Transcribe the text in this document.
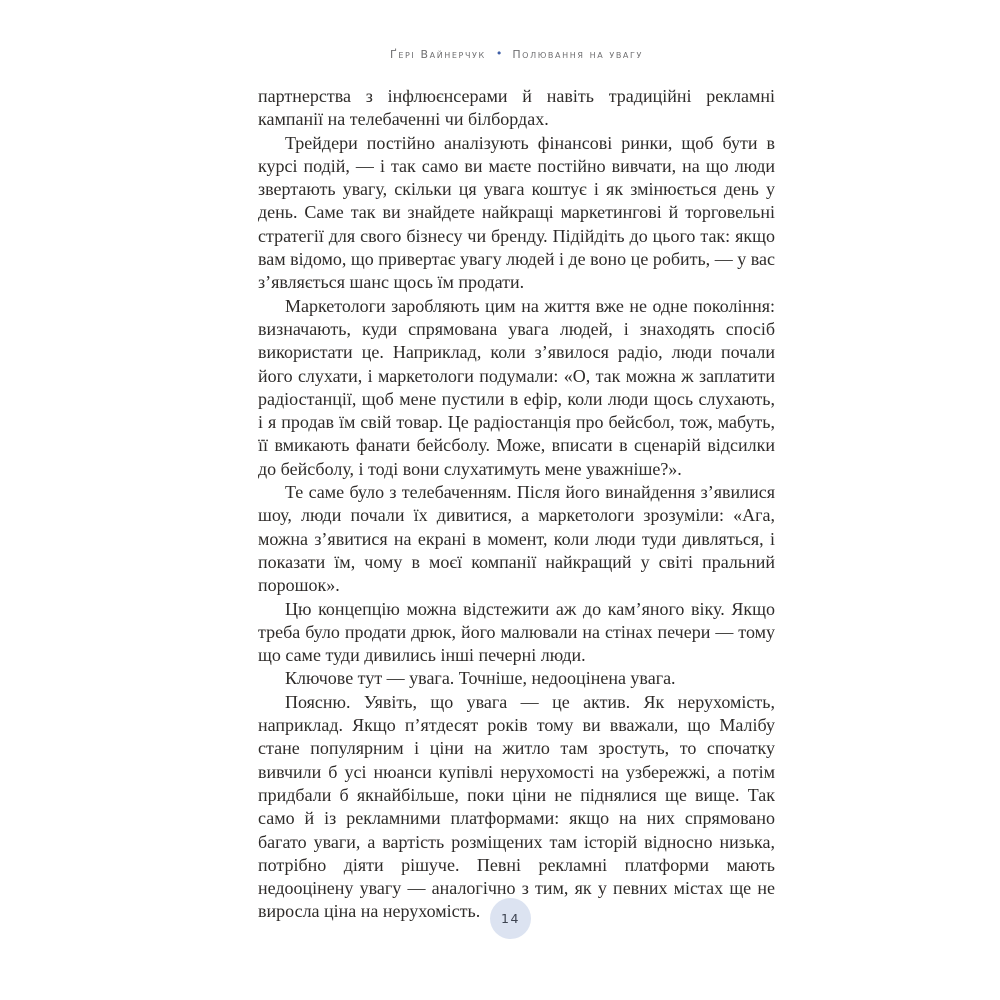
Ґері Вайнерчук • Полювання на увагу

партнерства з інфлюєнсерами й навіть традиційні рекламні кампанії на телебаченні чи білбордах.

Трейдери постійно аналізують фінансові ринки, щоб бути в курсі подій, — і так само ви маєте постійно вивчати, на що люди звертають увагу, скільки ця увага коштує і як змінюється день у день. Саме так ви знайдете найкращі маркетингові й торговельні стратегії для свого бізнесу чи бренду. Підійдіть до цього так: якщо вам відомо, що привертає увагу людей і де воно це робить, — у вас з’являється шанс щось їм продати.

Маркетологи заробляють цим на життя вже не одне покоління: визначають, куди спрямована увага людей, і знаходять спосіб використати це. Наприклад, коли з’явилося радіо, люди почали його слухати, і маркетологи подумали: «О, так можна ж заплатити радіостанції, щоб мене пустили в ефір, коли люди щось слухають, і я продав їм свій товар. Це радіостанція про бейсбол, тож, мабуть, її вмикають фанати бейсболу. Може, вписати в сценарій відсилки до бейсболу, і тоді вони слухатимуть мене уважніше?».

Те саме було з телебаченням. Після його винайдення з’явилися шоу, люди почали їх дивитися, а маркетологи зрозуміли: «Ага, можна з’явитися на екрані в момент, коли люди туди дивляться, і показати їм, чому в моєї компанії найкращий у світі пральний порошок».

Цю концепцію можна відстежити аж до кам’яного віку. Якщо треба було продати дрюк, його малювали на стінах печери — тому що саме туди дивились інші печерні люди.

Ключове тут — увага. Точніше, недооцінена увага.

Поясню. Уявіть, що увага — це актив. Як нерухомість, наприклад. Якщо п’ятдесят років тому ви вважали, що Малібу стане популярним і ціни на житло там зростуть, то спочатку вивчили б усі нюанси купівлі нерухомості на узбережжі, а потім придбали б якнайбільше, поки ціни не піднялися ще вище. Так само й із рекламними платформами: якщо на них спрямовано багато уваги, а вартість розміщених там історій відносно низька, потрібно діяти рішуче. Певні рекламні платформи мають недооцінену увагу — аналогічно з тим, як у певних містах ще не виросла ціна на нерухомість.	14
